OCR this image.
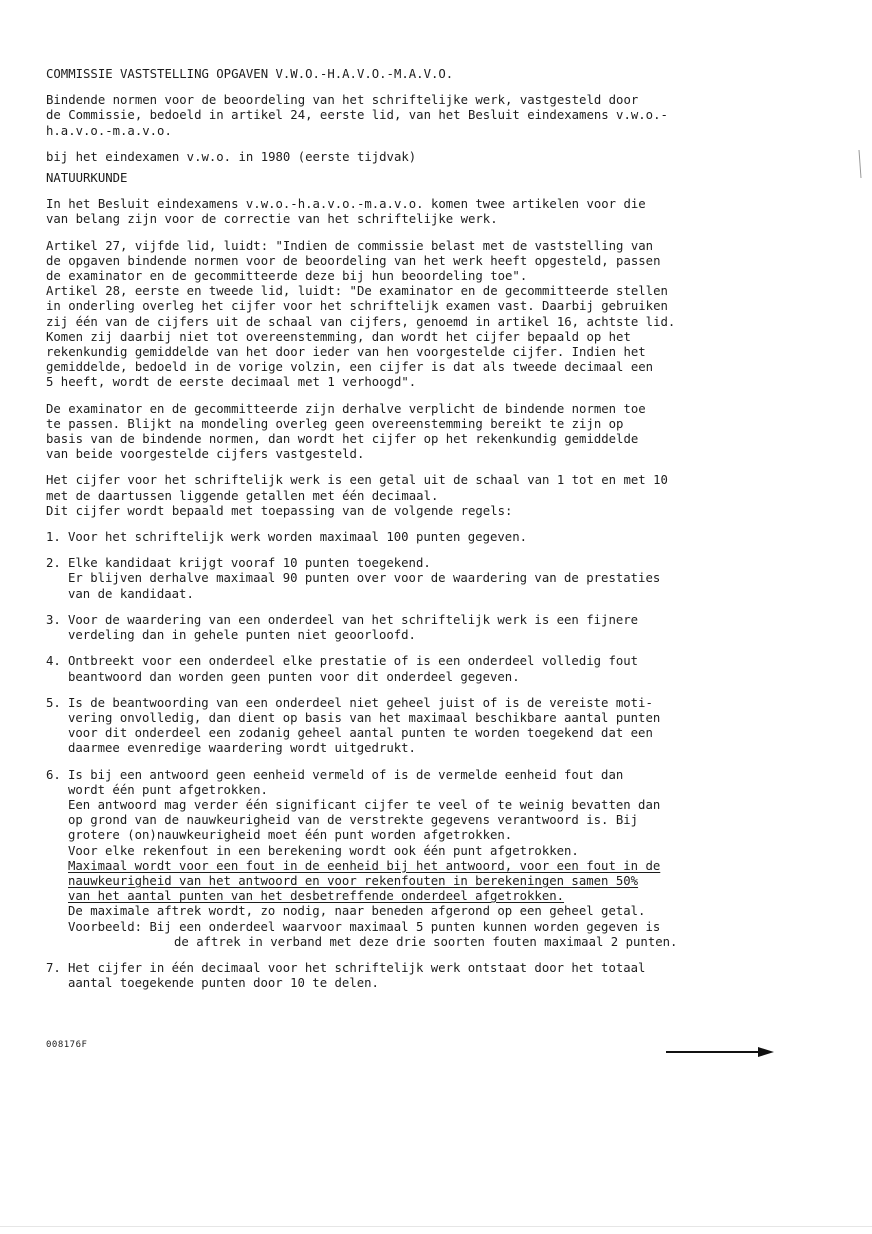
COMMISSIE VASTSTELLING OPGAVEN V.W.O.-H.A.V.O.-M.A.V.O.

Bindende normen voor de beoordeling van het schriftelijke werk, vastgesteld door
de Commissie, bedoeld in artikel 24, eerste lid, van het Besluit eindexamens v.w.o.-
h.a.v.o.-m.a.v.o.

bij het eindexamen v.w.o. in 1980 (eerste tijdvak)

NATUURKUNDE

In het Besluit eindexamens v.w.o.-h.a.v.o.-m.a.v.o. komen twee artikelen voor die
van belang zijn voor de correctie van het schriftelijke werk.

Artikel 27, vijfde lid, luidt: "Indien de commissie belast met de vaststelling van
de opgaven bindende normen voor de beoordeling van het werk heeft opgesteld, passen
de examinator en de gecommitteerde deze bij hun beoordeling toe".

Artikel 28, eerste en tweede lid, luidt: "De examinator en de gecommitteerde stellen
in onderling overleg het cijfer voor het schriftelijk examen vast. Daarbij gebruiken
zij één van de cijfers uit de schaal van cijfers, genoemd in artikel 16, achtste lid.
Komen zij daarbij niet tot overeenstemming, dan wordt het cijfer bepaald op het
rekenkundig gemiddelde van het door ieder van hen voorgestelde cijfer. Indien het
gemiddelde, bedoeld in de vorige volzin, een cijfer is dat als tweede decimaal een
5 heeft, wordt de eerste decimaal met 1 verhoogd".

De examinator en de gecommitteerde zijn derhalve verplicht de bindende normen toe
te passen. Blijkt na mondeling overleg geen overeenstemming bereikt te zijn op
basis van de bindende normen, dan wordt het cijfer op het rekenkundig gemiddelde
van beide voorgestelde cijfers vastgesteld.

Het cijfer voor het schriftelijk werk is een getal uit de schaal van 1 tot en met 10
met de daartussen liggende getallen met één decimaal.
Dit cijfer wordt bepaald met toepassing van de volgende regels:

1. Voor het schriftelijk werk worden maximaal 100 punten gegeven.
2. Elke kandidaat krijgt vooraf 10 punten toegekend.
Er blijven derhalve maximaal 90 punten over voor de waardering van de prestaties
van de kandidaat.
3. Voor de waardering van een onderdeel van het schriftelijk werk is een fijnere
verdeling dan in gehele punten niet geoorloofd.
4. Ontbreekt voor een onderdeel elke prestatie of is een onderdeel volledig fout
beantwoord dan worden geen punten voor dit onderdeel gegeven.
5. Is de beantwoording van een onderdeel niet geheel juist of is de vereiste moti-
vering onvolledig, dan dient op basis van het maximaal beschikbare aantal punten
voor dit onderdeel een zodanig geheel aantal punten te worden toegekend dat een
daarmee evenredige waardering wordt uitgedrukt.
6. Is bij een antwoord geen eenheid vermeld of is de vermelde eenheid fout dan
wordt één punt afgetrokken.
Een antwoord mag verder één significant cijfer te veel of te weinig bevatten dan
op grond van de nauwkeurigheid van de verstrekte gegevens verantwoord is. Bij
grotere (on)nauwkeurigheid moet één punt worden afgetrokken.
Voor elke rekenfout in een berekening wordt ook één punt afgetrokken.
Maximaal wordt voor een fout in de eenheid bij het antwoord, voor een fout in de
nauwkeurigheid van het antwoord en voor rekenfouten in berekeningen samen 50%
van het aantal punten van het desbetreffende onderdeel afgetrokken.
De maximale aftrek wordt, zo nodig, naar beneden afgerond op een geheel getal.
Voorbeeld: Bij een onderdeel waarvoor maximaal 5 punten kunnen worden gegeven is
de aftrek in verband met deze drie soorten fouten maximaal 2 punten.
7. Het cijfer in één decimaal voor het schriftelijk werk ontstaat door het totaal
aantal toegekende punten door 10 te delen.
008176F
